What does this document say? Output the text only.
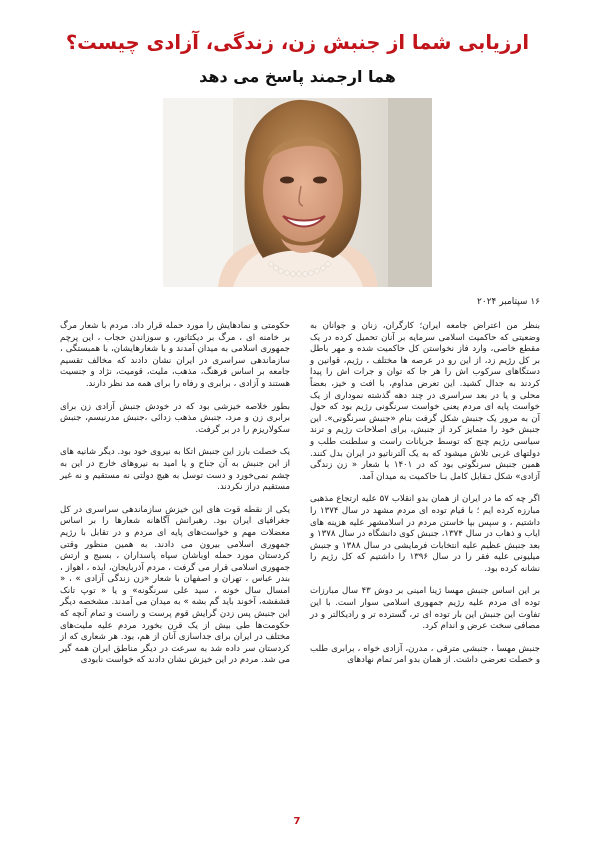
ارزیابی شما از جنبش زن، زندگی، آزادی چیست؟
هما ارجمند پاسخ می دهد
۱۶ سپتامبر ۲۰۲۴

بنظر من اعتراض جامعه ایران؛ کارگران، زنان و جوانان به وضعیتی که حاکمیت اسلامی سرمایه بر آنان تحمیل کرده در یک مقطع خاصی، وارد فاز نخواستن کل حاکمیت شده و مهر باطل بر کل رژیم زد، از این رو در عرصه ها مختلف ، رژیم، قوانین و دستگاهای سرکوب اش را هر جا که توان و جرات اش را پیدا کردند به جدال کشید. این تعرض مداوم، با افت و خیز، بعضاً محلی و یا در بعد سراسری در چند دهه گذشته نموداری از یک خواست پایه ای مردم یعنی خواست سرنگونی رژیم بود که حول آن به مرور یک جنبش شکل گرفت بنام «جنبش سرنگونی». این جنبش خود را متمایز کرد از جنبش، برای اصلاحات رژیم و ترند سیاسی رژیم چنج که توسط جریانات راست و سلطنت طلب و دولتهای غربی تلاش میشود که به یک آلترناتیو در ایران بدل کنند. همین جنبش سرنگونی بود که در ۱۴۰۱ با شعار « زن زندگی آزادی» شکل تـقابل کامل بـا حاکمیت به میدان آمد.

اگر چه که ما در ایران از همان بدو انقلاب ۵۷ علیه ارتجاع مذهبی مبارزه کرده ایم ؛ با قیام توده ای مردم مشهد در سال ۱۳۷۴ را داشتیم ، و سپس بپا خاستن مردم در اسلامشهر علیه هزینه های ایاب و ذهاب در سال ۱۳۷۴، جنبش کوی دانشگاه در سال ۱۳۷۸ و بعد جنبش عظیم علیه انتخابات فرمایشی در سال ۱۳۸۸ و جنبش میلیونی علیه فقر را در سال ۱۳۹۶ را داشتیم که کل رژیم را نشانه کرده بود.

بر این اساس جنبش مهسا ژینا امینی بر دوش ۴۳ سال مبارزات توده ای مردم علیه رژیم جمهوری اسلامی سوار است. با این تفاوت این جنبش این بار توده ای تر، گسترده تر و رادیکالتر و در مصافی سخت عرض و اندام کرد.

جنبش مهسا ، جنبشی مترقی ، مدرن، آزادی خواه ، برابری طلب و خصلت تعرضی داشت. از همان بدو امر تمام نهادهای

حکومتی و نمادهایش را مورد حمله قرار داد. مردم با شعار مرگ بر خامنه ای ، مرگ بر دیکتاتور، و سوزاندن حجاب ، این پرچم جمهوری اسلامی به میدان آمدند و با شعارهایشان، با همبستگی ، سازماندهی سراسری در ایران نشان دادند که مخالف تقسیم جامعه بر اساس فرهنگ، مذهب، ملیت، قومیت، نژاد و جنسیت هستند و آزادی ، برابری و رفاه را برای همه مد نظر دارند.

بطور خلاصه خیزشی بود که در خودش جنبش آزادی زن برای برابری زن و مرد، جنبش مذهب زدائی ،جنبش مدرنیسم، جنبش سکولاریزم را در بر گرفت.

یک خصلت بارز این جنبش اتکا به نیروی خود بود. دیگر شانیه های از این جنبش به آن جناح و یا امید به نیروهای خارج در این به چشم نمی‌خورد و دست توسل به هیچ دولتی نه مستقیم و نه غیر مستقیم دراز نکردند.

یکی از نقطه قوت های این خیزش سازماندهی سراسری در کل جغرافیای ایران بود. رهبرانش آگاهانه شعارها را بر اساس معضلات مهم و خواست‌های پایه ای مردم و در تقابل با رژیم جمهوری اسلامی بیرون می دادند. به همین منظور وقتی کردستان مورد حمله اوباشان سپاه پاسداران ، بسیج و ارتش جمهوری اسلامی قرار می گرفت ، مردم آذربایجان، ایذه ، اهواز ، بندر عباس ، تهران و اصفهان با شعار «زن زندگی آزادی » ، « امسال سال خونه ، سید علی سرنگونه» و یا « توپ تانک فشفشه، آخوند باید گم بشه » به میدان می آمدند. مشخصه دیگر این جنبش پس زدن گرایش قوم پرست و راست و تمام آنچه که حکومت‌ها طی بیش از یک قرن بخورد مردم علیه ملیت‌های مختلف در ایران برای جداسازی آنان از هم، بود. هر شعاری که از کردستان سر داده شد به سرعت در دیگر مناطق ایران همه گیر می شد. مردم در این خیزش نشان دادند که خواست نابودی

7
